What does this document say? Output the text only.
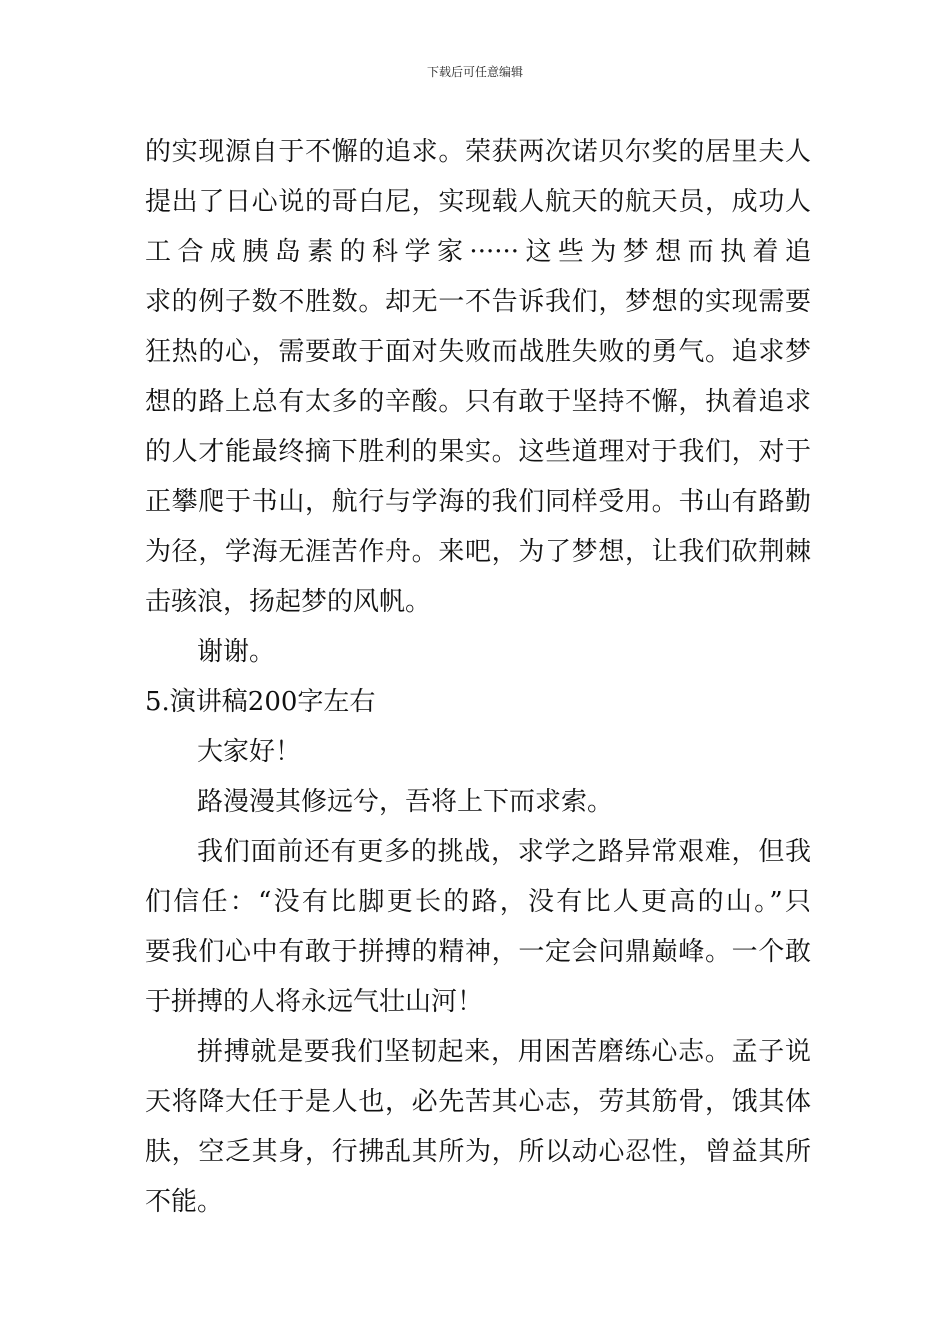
下载后可任意编辑
的实现源自于不懈的追求。荣获两次诺贝尔奖的居里夫人
提出了日心说的哥白尼，实现载人航天的航天员，成功人
工合成胰岛素的科学家······这些为梦想而执着追
求的例子数不胜数。却无一不告诉我们，梦想的实现需要
狂热的心，需要敢于面对失败而战胜失败的勇气。追求梦
想的路上总有太多的辛酸。只有敢于坚持不懈，执着追求
的人才能最终摘下胜利的果实。这些道理对于我们，对于
正攀爬于书山，航行与学海的我们同样受用。书山有路勤
为径，学海无涯苦作舟。来吧，为了梦想，让我们砍荆棘
击骇浪，扬起梦的风帆。
谢谢。
5.演讲稿200字左右
大家好！
路漫漫其修远兮，吾将上下而求索。
我们面前还有更多的挑战，求学之路异常艰难，但我
们信任：“没有比脚更长的路，没有比人更高的山。”只
要我们心中有敢于拼搏的精神，一定会问鼎巅峰。一个敢
于拼搏的人将永远气壮山河！
拼搏就是要我们坚韧起来，用困苦磨练心志。孟子说
天将降大任于是人也，必先苦其心志，劳其筋骨，饿其体
肤，空乏其身，行拂乱其所为，所以动心忍性，曾益其所
不能。
